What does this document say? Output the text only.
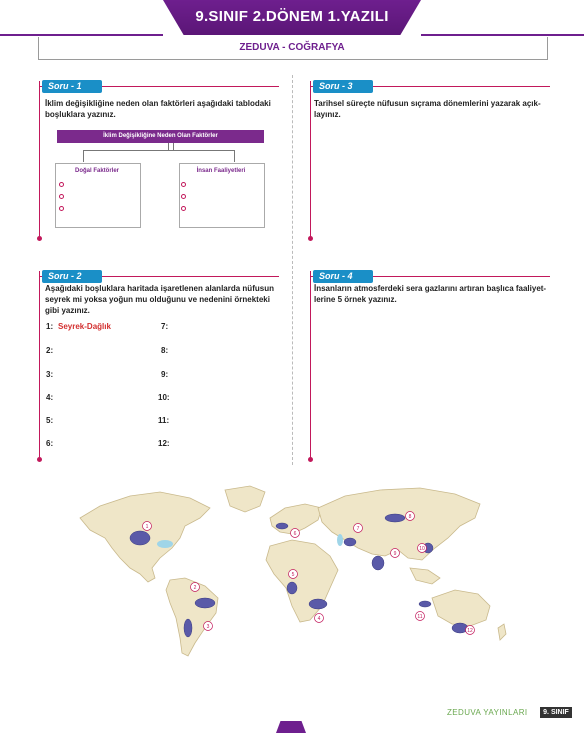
9.SINIF 2.DÖNEM 1.YAZILI
ZEDUVA - COĞRAFYA
Soru - 1
İklim değişikliğine neden olan faktörleri aşağıdaki tablodaki
boşluklara yazınız.
İklim Değişikliğine Neden Olan Faktörler
Doğal Faktörler	İnsan Faaliyetleri
Soru - 3
Tarihsel süreçte nüfusun sıçrama dönemlerini yazarak açık-
layınız.
Soru - 2
Aşağıdaki boşluklara haritada işaretlenen alanlarda nüfusun
seyrek mi yoksa yoğun mu olduğunu ve nedenini örnekteki
gibi yazınız.
1: Seyrek-Dağlık
2:
3:
4:
5:
6:
7:
8:
9:
10:
11:
12:
Soru - 4
İnsanların atmosferdeki sera gazlarını artıran başlıca faaliyet-
lerine 5 örnek yazınız.
1
2
3
4
5
6
7
8
9
10
11
12
ZEDUVA YAYINLARI	9. SINIF
